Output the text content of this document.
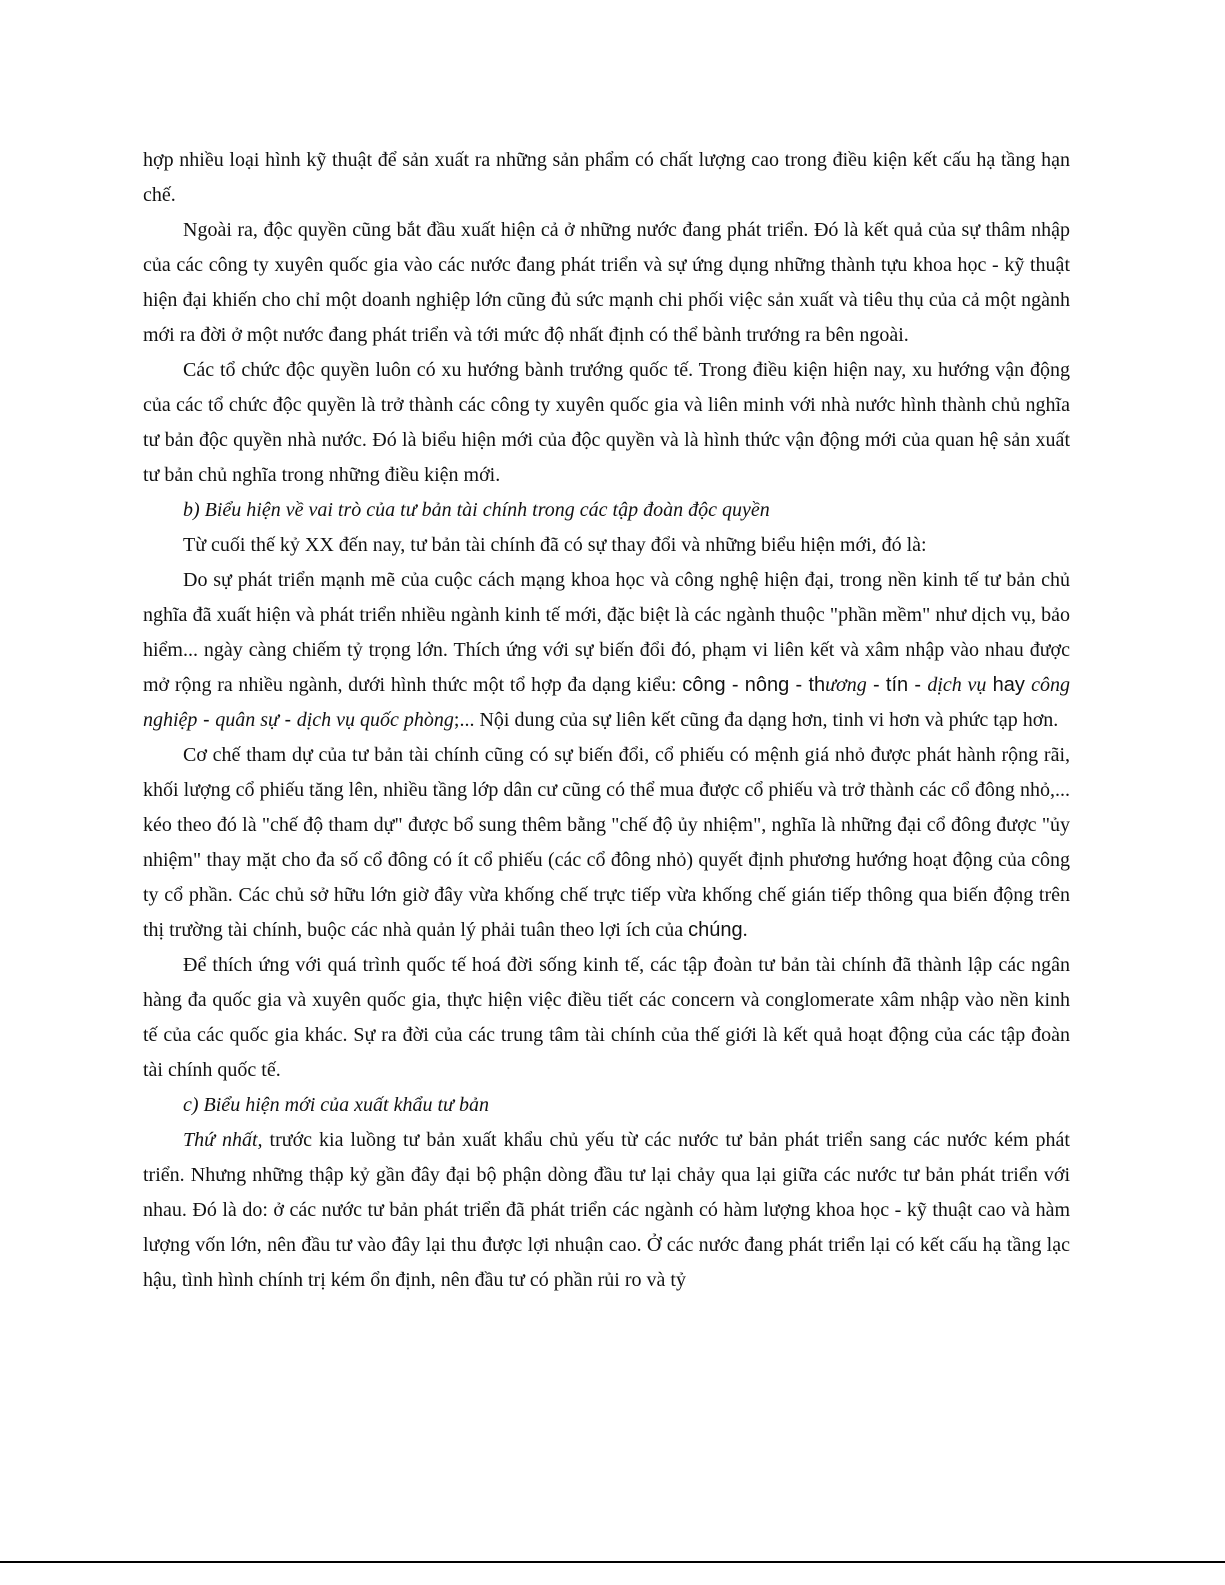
hợp nhiều loại hình kỹ thuật để sản xuất ra những sản phẩm có chất lượng cao trong điều kiện kết cấu hạ tầng hạn chế.

Ngoài ra, độc quyền cũng bắt đầu xuất hiện cả ở những nước đang phát triển. Đó là kết quả của sự thâm nhập của các công ty xuyên quốc gia vào các nước đang phát triển và sự ứng dụng những thành tựu khoa học - kỹ thuật hiện đại khiến cho chỉ một doanh nghiệp lớn cũng đủ sức mạnh chi phối việc sản xuất và tiêu thụ của cả một ngành mới ra đời ở một nước đang phát triển và tới mức độ nhất định có thể bành trướng ra bên ngoài.

Các tổ chức độc quyền luôn có xu hướng bành trướng quốc tế. Trong điều kiện hiện nay, xu hướng vận động của các tổ chức độc quyền là trở thành các công ty xuyên quốc gia và liên minh với nhà nước hình thành chủ nghĩa tư bản độc quyền nhà nước. Đó là biểu hiện mới của độc quyền và là hình thức vận động mới của quan hệ sản xuất tư bản chủ nghĩa trong những điều kiện mới.

b) Biểu hiện về vai trò của tư bản tài chính trong các tập đoàn độc quyền

Từ cuối thế kỷ XX đến nay, tư bản tài chính đã có sự thay đổi và những biểu hiện mới, đó là:

Do sự phát triển mạnh mẽ của cuộc cách mạng khoa học và công nghệ hiện đại, trong nền kinh tế tư bản chủ nghĩa đã xuất hiện và phát triển nhiều ngành kinh tế mới, đặc biệt là các ngành thuộc "phần mềm" như dịch vụ, bảo hiểm... ngày càng chiếm tỷ trọng lớn. Thích ứng với sự biến đổi đó, phạm vi liên kết và xâm nhập vào nhau được mở rộng ra nhiều ngành, dưới hình thức một tổ hợp đa dạng kiểu: công - nông - thương - tín - dịch vụ hay công nghiệp - quân sự - dịch vụ quốc phòng;... Nội dung của sự liên kết cũng đa dạng hơn, tinh vi hơn và phức tạp hơn.

Cơ chế tham dự của tư bản tài chính cũng có sự biến đổi, cổ phiếu có mệnh giá nhỏ được phát hành rộng rãi, khối lượng cổ phiếu tăng lên, nhiều tầng lớp dân cư cũng có thể mua được cổ phiếu và trở thành các cổ đông nhỏ,... kéo theo đó là "chế độ tham dự" được bổ sung thêm bằng "chế độ ủy nhiệm", nghĩa là những đại cổ đông được "ủy nhiệm" thay mặt cho đa số cổ đông có ít cổ phiếu (các cổ đông nhỏ) quyết định phương hướng hoạt động của công ty cổ phần. Các chủ sở hữu lớn giờ đây vừa khống chế trực tiếp vừa khống chế gián tiếp thông qua biến động trên thị trường tài chính, buộc các nhà quản lý phải tuân theo lợi ích của chúng.

Để thích ứng với quá trình quốc tế hoá đời sống kinh tế, các tập đoàn tư bản tài chính đã thành lập các ngân hàng đa quốc gia và xuyên quốc gia, thực hiện việc điều tiết các concern và conglomerate xâm nhập vào nền kinh tế của các quốc gia khác. Sự ra đời của các trung tâm tài chính của thế giới là kết quả hoạt động của các tập đoàn tài chính quốc tế.

c) Biểu hiện mới của xuất khẩu tư bản

Thứ nhất, trước kia luồng tư bản xuất khẩu chủ yếu từ các nước tư bản phát triển sang các nước kém phát triển. Nhưng những thập kỷ gần đây đại bộ phận dòng đầu tư lại chảy qua lại giữa các nước tư bản phát triển với nhau. Đó là do: ở các nước tư bản phát triển đã phát triển các ngành có hàm lượng khoa học - kỹ thuật cao và hàm lượng vốn lớn, nên đầu tư vào đây lại thu được lợi nhuận cao. Ở các nước đang phát triển lại có kết cấu hạ tầng lạc hậu, tình hình chính trị kém ổn định, nên đầu tư có phần rủi ro và tỷ
